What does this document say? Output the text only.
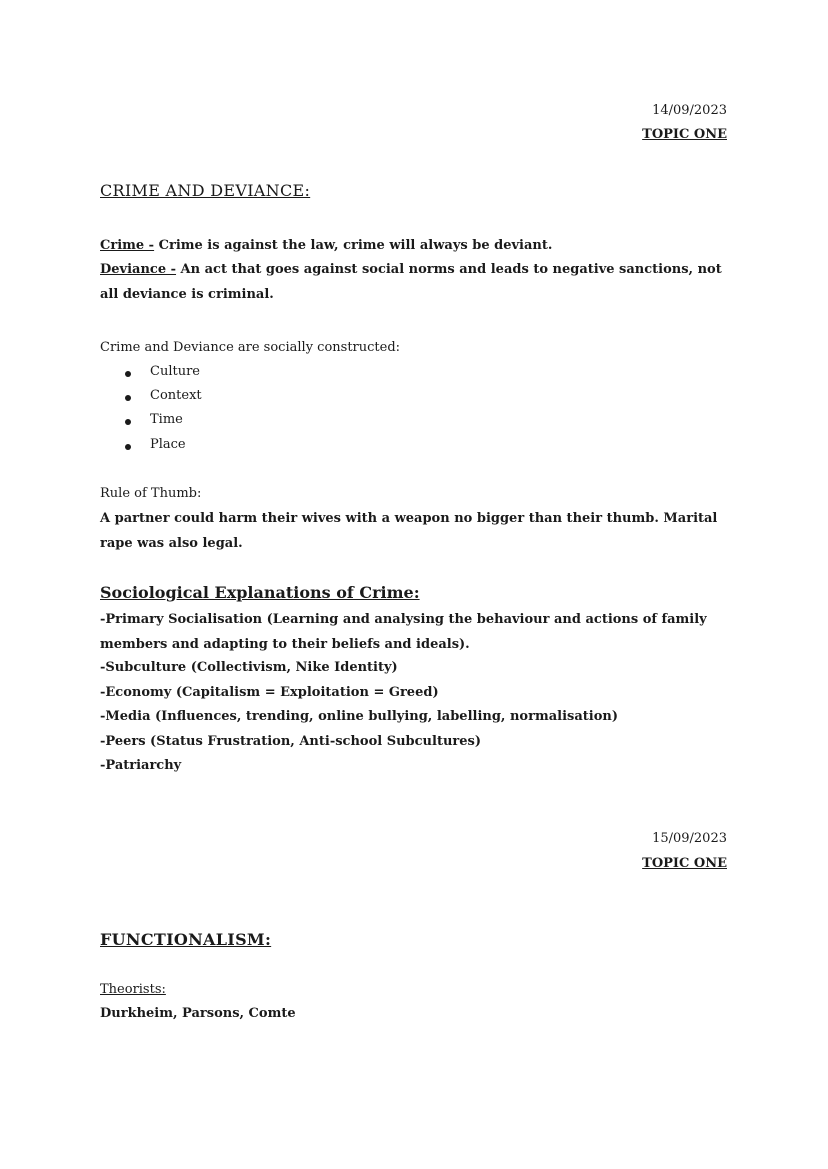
14/09/2023
TOPIC ONE
CRIME AND DEVIANCE:
Crime - Crime is against the law, crime will always be deviant.
Deviance - An act that goes against social norms and leads to negative sanctions, not all deviance is criminal.
Crime and Deviance are socially constructed:
Culture
Context
Time
Place
Rule of Thumb:
A partner could harm their wives with a weapon no bigger than their thumb. Marital rape was also legal.
Sociological Explanations of Crime:
-Primary Socialisation (Learning and analysing the behaviour and actions of family members and adapting to their beliefs and ideals).
-Subculture (Collectivism, Nike Identity)
-Economy (Capitalism = Exploitation = Greed)
-Media (Influences, trending, online bullying, labelling, normalisation)
-Peers (Status Frustration, Anti-school Subcultures)
-Patriarchy
15/09/2023
TOPIC ONE
FUNCTIONALISM:
Theorists:
Durkheim, Parsons, Comte
